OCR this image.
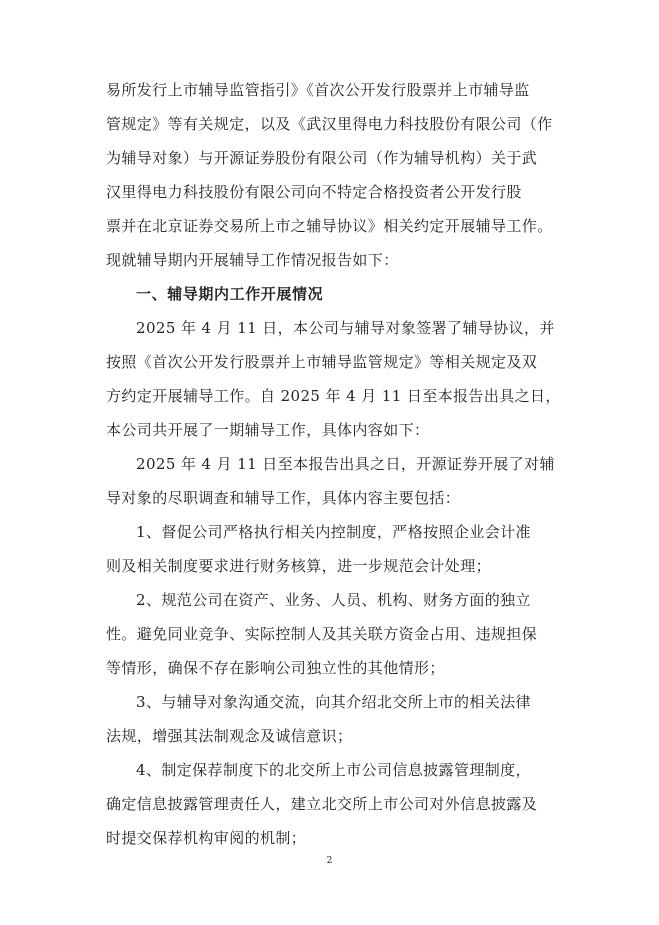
易所发行上市辅导监管指引》《首次公开发行股票并上市辅导监
管规定》等有关规定，以及《武汉里得电力科技股份有限公司（作
为辅导对象）与开源证券股份有限公司（作为辅导机构）关于武
汉里得电力科技股份有限公司向不特定合格投资者公开发行股
票并在北京证券交易所上市之辅导协议》相关约定开展辅导工作。
现就辅导期内开展辅导工作情况报告如下：
一、辅导期内工作开展情况
2025 年 4 月 11 日，本公司与辅导对象签署了辅导协议，并
按照《首次公开发行股票并上市辅导监管规定》等相关规定及双
方约定开展辅导工作。自 2025 年 4 月 11 日至本报告出具之日，
本公司共开展了一期辅导工作，具体内容如下：
2025 年 4 月 11 日至本报告出具之日，开源证券开展了对辅
导对象的尽职调查和辅导工作，具体内容主要包括：
1、督促公司严格执行相关内控制度，严格按照企业会计准
则及相关制度要求进行财务核算，进一步规范会计处理；
2、规范公司在资产、业务、人员、机构、财务方面的独立
性。避免同业竞争、实际控制人及其关联方资金占用、违规担保
等情形，确保不存在影响公司独立性的其他情形；
3、与辅导对象沟通交流，向其介绍北交所上市的相关法律
法规，增强其法制观念及诚信意识；
4、制定保荐制度下的北交所上市公司信息披露管理制度，
确定信息披露管理责任人，建立北交所上市公司对外信息披露及
时提交保荐机构审阅的机制；
2
